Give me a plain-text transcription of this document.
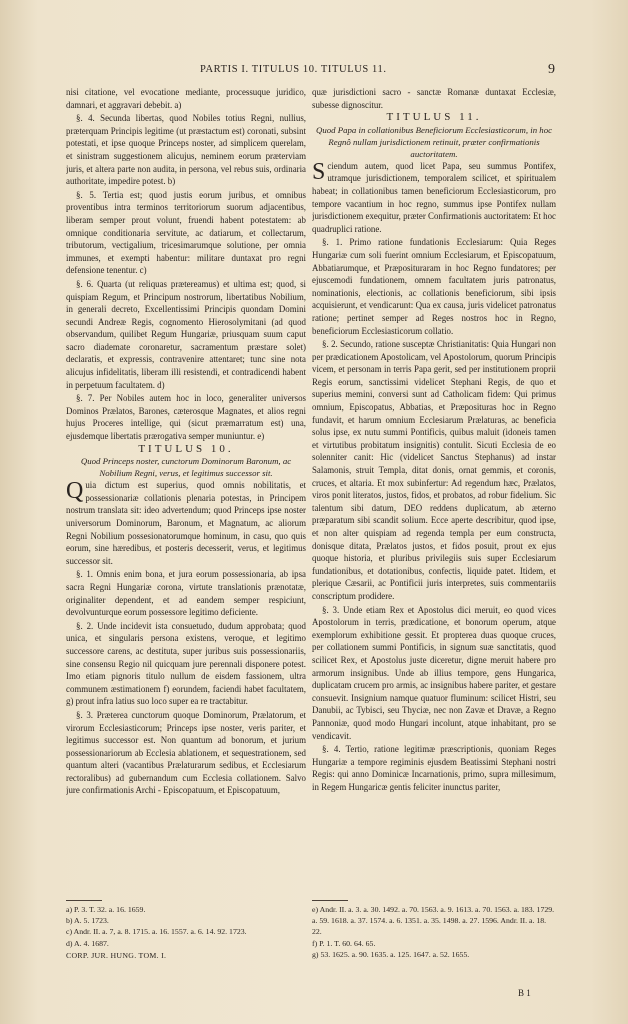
PARTIS I. TITULUS 10. TITULUS 11.	9

nisi citatione, vel evocatione mediante, processuque juridico, damnari, et aggravari debebit. a)

§. 4. Secunda libertas, quod Nobiles totius Regni, nullius, præterquam Principis legitime (ut præstactum est) coronati, subsint potestati, et ipse quoque Princeps noster, ad simplicem querelam, et sinistram suggestionem alicujus, neminem eorum præterviam juris, et altera parte non audita, in persona, vel rebus suis, ordinaria authoritate, impedire potest. b)

§. 5. Tertia est; quod justis eorum juribus, et omnibus proventibus intra terminos territoriorum suorum adjacentibus, liberam semper prout volunt, fruendi habent potestatem: ab omnique conditionaria servitute, ac datiarum, et collectarum, tributorum, vectigalium, tricesimarumque solutione, per omnia immunes, et exempti habentur: militare duntaxat pro regni defensione tenentur. c)

§. 6. Quarta (ut reliquas prætereamus) et ultima est; quod, si quispiam Regum, et Principum nostrorum, libertatibus Nobilium, in generali decreto, Excellentissimi Principis quondam Domini secundi Andreæ Regis, cognomento Hierosolymitani (ad quod observandum, quilibet Regum Hungariæ, priusquam suum caput sacro diademate coronaretur, sacramentum præstare solet) declaratis, et expressis, contravenire attentaret; tunc sine nota alicujus infidelitatis, liberam illi resistendi, et contradicendi habent in perpetuum facultatem. d)

§. 7. Per Nobiles autem hoc in loco, generaliter universos Dominos Prælatos, Barones, cæterosque Magnates, et alios regni hujus Proceres intellige, qui (sicut præmarratum est) una, ejusdemque libertatis prærogativa semper muniuntur. e)

TITULUS 10.

Quod Princeps noster, cunctorum Dominorum Baronum, ac Nobilium Regni, verus, et legitimus successor sit.

Quia dictum est superius, quod omnis nobilitatis, et possessionariæ collationis plenaria potestas, in Principem nostrum translata sit: ideo advertendum; quod Princeps ipse noster universorum Dominorum, Baronum, et Magnatum, ac aliorum Regni Nobilium possesionatorumque hominum, in casu, quo quis eorum, sine hæredibus, et posteris decesserit, verus, et legitimus successor sit.

§. 1. Omnis enim bona, et jura eorum possessionaria, ab ipsa sacra Regni Hungariæ corona, virtute translationis prænotatæ, originaliter dependent, et ad eandem semper respiciunt, devolvunturque eorum possessore legitimo deficiente.

§. 2. Unde incidevit ista consuetudo, dudum approbata; quod unica, et singularis persona existens, veroque, et legitimo successore carens, ac destituta, super juribus suis possessionariis, sine consensu Regio nil quicquam jure perennali disponere potest. Imo etiam pignoris titulo nullum de eisdem fassionem, ultra communem æstimationem f) eorundem, faciendi habet facultatem, g) prout infra latius suo loco super ea re tractabitur.

§. 3. Præterea cunctorum quoque Dominorum, Prælatorum, et virorum Ecclesiasticorum; Princeps ipse noster, veris pariter, et legitimus successor est. Non quantum ad bonorum, et jurium possessionariorum ab Ecclesia ablationem, et sequestrationem, sed quantum alteri (vacantibus Prælaturarum sedibus, et Ecclesiarum rectoralibus) ad gubernandum cum Ecclesia collationem. Salvo jure confirmationis Archi - Episcopatuum, et Episcopatuum,

quæ jurisdictioni sacro - sanctæ Romanæ duntaxat Ecclesiæ, subesse dignoscitur.

TITULUS 11.

Quod Papa in collationibus Beneficiorum Ecclesiasticorum, in hoc Regnô nullam jurisdictionem retinuit, præter confirmationis auctoritatem.

Sciendum autem, quod licet Papa, seu summus Pontifex, utramque jurisdictionem, temporalem scilicet, et spiritualem habeat; in collationibus tamen beneficiorum Ecclesiasticorum, pro tempore vacantium in hoc regno, summus ipse Pontifex nullam jurisdictionem exequitur, præter Confirmationis auctoritatem: Et hoc quadruplici ratione.

§. 1. Primo ratione fundationis Ecclesiarum: Quia Reges Hungariæ cum soli fuerint omnium Ecclesiarum, et Episcopatuum, Abbatiarumque, et Præposituraram in hoc Regno fundatores; per ejuscemodi fundationem, omnem facultatem juris patronatus, nominationis, electionis, ac collationis beneficiorum, sibi ipsis acquisierunt, et vendicarunt: Qua ex causa, juris videlicet patronatus ratione; pertinet semper ad Reges nostros hoc in Regno, beneficiorum Ecclesiasticorum collatio.

§. 2. Secundo, ratione susceptæ Christianitatis: Quia Hungari non per prædicationem Apostolicam, vel Apostolorum, quorum Principis vicem, et personam in terris Papa gerit, sed per institutionem proprii Regis eorum, sanctissimi videlicet Stephani Regis, de quo et superius memini, conversi sunt ad Catholicam fidem: Qui primus omnium, Episcopatus, Abbatias, et Præposituras hoc in Regno fundavit, et harum omnium Ecclesiarum Prælaturas, ac beneficia solus ipse, ex nutu summi Pontificis, quibus maluit (idoneis tamen et virtutibus probitatum insignitis) contulit. Sicuti Ecclesia de eo solenniter canit: Hic (videlicet Sanctus Stephanus) ad instar Salamonis, struit Templa, ditat donis, ornat gemmis, et coronis, cruces, et altaria. Et mox subinfertur: Ad regendum hæc, Prælatos, viros ponit literatos, justos, fidos, et probatos, ad robur fidelium. Sic talentum sibi datum, DEO reddens duplicatum, ab æterno præparatum sibi scandit solium. Ecce aperte describitur, quod ipse, et non alter quispiam ad regenda templa per eum constructa, donisque ditata, Prælatos justos, et fidos posuit, prout ex ejus quoque historia, et pluribus privilegiis suis super Ecclesiarum fundationibus, et dotationibus, confectis, liquide patet. Itidem, et plerique Cæsarii, ac Pontificii juris interpretes, suis commentariis conscriptum prodidere.

§. 3. Unde etiam Rex et Apostolus dici meruit, eo quod vices Apostolorum in terris, prædicatione, et bonorum operum, atque exemplorum exhibitione gessit. Et propterea duas quoque cruces, per collationem summi Pontificis, in signum suæ sanctitatis, quod scilicet Rex, et Apostolus juste diceretur, digne meruit habere pro armorum insignibus. Unde ab illius tempore, gens Hungarica, duplicatam crucem pro armis, ac insignibus habere pariter, et gestare consuevit. Insignium namque quatuor fluminum: scilicet Histri, seu Danubii, ac Tybisci, seu Thyciæ, nec non Zavæ et Dravæ, a Regno Pannoniæ, quod modo Hungari incolunt, atque inhabitant, pro se vendicavit.

§. 4. Tertio, ratione legitimæ præscriptionis, quoniam Reges Hungariæ a tempore regiminis ejusdem Beatissimi Stephani nostri Regis: qui anno Dominicæ Incarnationis, primo, supra millesimum, in Regem Hungaricæ gentis feliciter inunctus pariter,

a) P. 3. T. 32. a. 16. 1659.
b) A. 5. 1723.
c) Andr. II. a. 7, a. 8. 1715. a. 16. 1557. a. 6. 14. 92. 1723.
d) A. 4. 1687.
CORP. JUR. HUNG. TOM. I.
e) Andr. II. a. 3. a. 30. 1492. a. 70. 1563. a. 9. 1613. a. 70. 1563. a. 183. 1729. a. 59. 1618. a. 37. 1574. a. 6. 1351. a. 35. 1498. a. 27. 1596. Andr. II. a. 18. 22.
f) P. 1. T. 60. 64. 65.
g) 53. 1625. a. 90. 1635. a. 125. 1647. a. 52. 1655.
B 1
